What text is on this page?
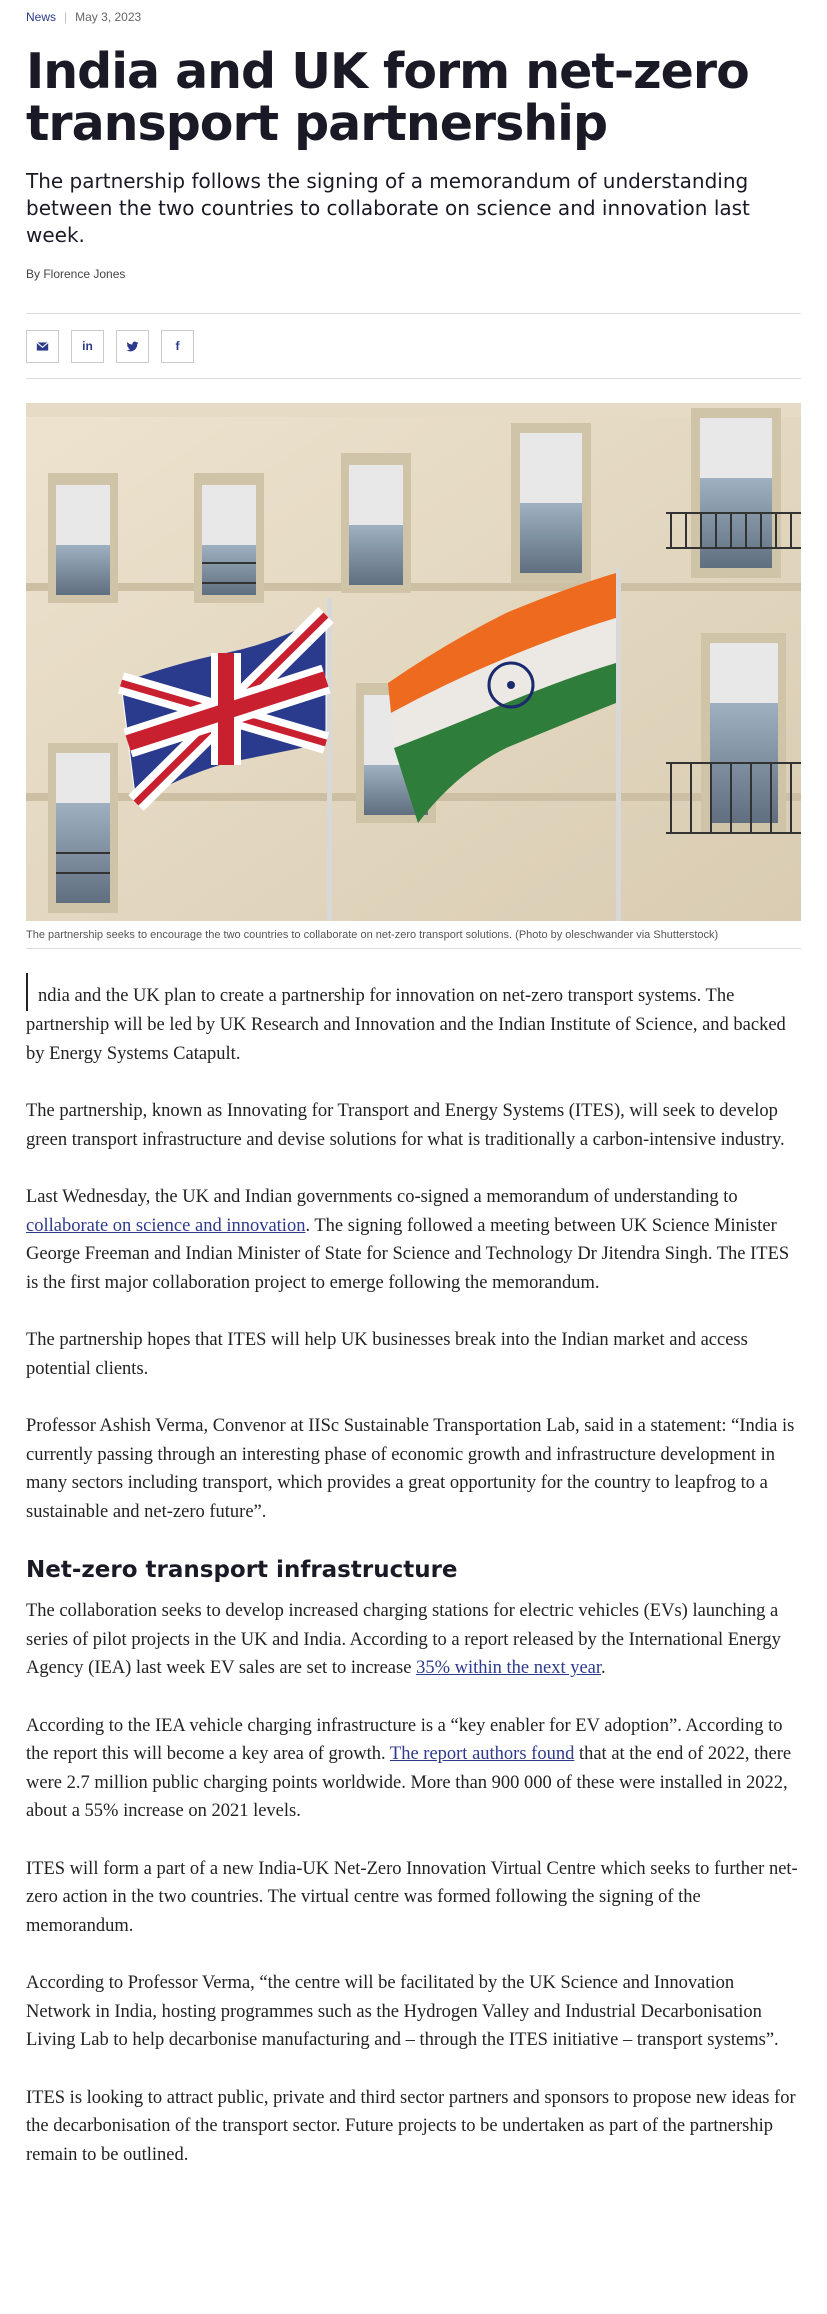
News | May 3, 2023
India and UK form net-zero transport partnership

The partnership follows the signing of a memorandum of understanding between the two countries to collaborate on science and innovation last week.

By Florence Jones
in	f

The partnership seeks to encourage the two countries to collaborate on net-zero transport solutions. (Photo by oleschwander via Shutterstock)

ndia and the UK plan to create a partnership for innovation on net-zero transport systems. The partnership will be led by UK Research and Innovation and the Indian Institute of Science, and backed by Energy Systems Catapult.

The partnership, known as Innovating for Transport and Energy Systems (ITES), will seek to develop green transport infrastructure and devise solutions for what is traditionally a carbon-intensive industry.

Last Wednesday, the UK and Indian governments co-signed a memorandum of understanding to collaborate on science and innovation. The signing followed a meeting between UK Science Minister George Freeman and Indian Minister of State for Science and Technology Dr Jitendra Singh. The ITES is the first major collaboration project to emerge following the memorandum.

The partnership hopes that ITES will help UK businesses break into the Indian market and access potential clients.

Professor Ashish Verma, Convenor at IISc Sustainable Transportation Lab, said in a statement: “India is currently passing through an interesting phase of economic growth and infrastructure development in many sectors including transport, which provides a great opportunity for the country to leapfrog to a sustainable and net-zero future”.

Net-zero transport infrastructure

The collaboration seeks to develop increased charging stations for electric vehicles (EVs) launching a series of pilot projects in the UK and India. According to a report released by the International Energy Agency (IEA) last week EV sales are set to increase 35% within the next year.

According to the IEA vehicle charging infrastructure is a “key enabler for EV adoption”. According to the report this will become a key area of growth. The report authors found that at the end of 2022, there were 2.7 million public charging points worldwide. More than 900 000 of these were installed in 2022, about a 55% increase on 2021 levels.

ITES will form a part of a new India-UK Net-Zero Innovation Virtual Centre which seeks to further net-zero action in the two countries. The virtual centre was formed following the signing of the memorandum.

According to Professor Verma, “the centre will be facilitated by the UK Science and Innovation Network in India, hosting programmes such as the Hydrogen Valley and Industrial Decarbonisation Living Lab to help decarbonise manufacturing and – through the ITES initiative – transport systems”.

ITES is looking to attract public, private and third sector partners and sponsors to propose new ideas for the decarbonisation of the transport sector. Future projects to be undertaken as part of the partnership remain to be outlined.
